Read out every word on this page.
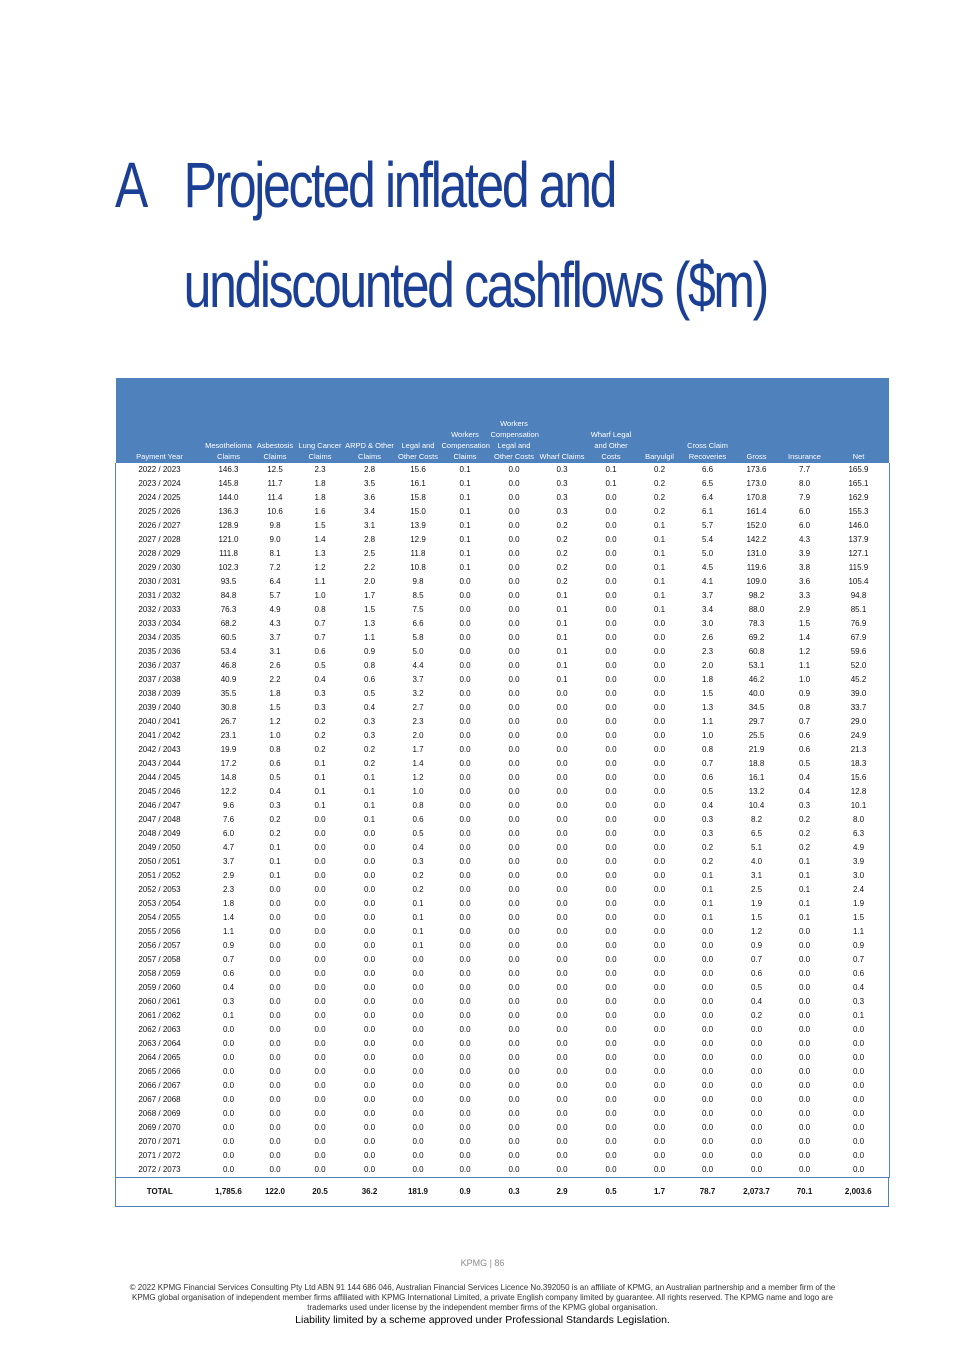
A Projected inflated and
undiscounted cashflows ($m)
Payment Year	Mesothelioma Claims	Asbestosis Claims	Lung Cancer Claims	ARPD & Other Claims	Legal and Other Costs	Workers Compensation Claims	Workers Compensation Legal and Other Costs	Wharf Claims	Wharf Legal and Other Costs	Baryulgil	Cross Claim Recoveries	Gross	Insurance	Net
2022 / 2023	146.3	12.5	2.3	2.8	15.6	0.1	0.0	0.3	0.1	0.2	6.6	173.6	7.7	165.9
2023 / 2024	145.8	11.7	1.8	3.5	16.1	0.1	0.0	0.3	0.1	0.2	6.5	173.0	8.0	165.1
2024 / 2025	144.0	11.4	1.8	3.6	15.8	0.1	0.0	0.3	0.0	0.2	6.4	170.8	7.9	162.9
2025 / 2026	136.3	10.6	1.6	3.4	15.0	0.1	0.0	0.3	0.0	0.2	6.1	161.4	6.0	155.3
2026 / 2027	128.9	9.8	1.5	3.1	13.9	0.1	0.0	0.2	0.0	0.1	5.7	152.0	6.0	146.0
2027 / 2028	121.0	9.0	1.4	2.8	12.9	0.1	0.0	0.2	0.0	0.1	5.4	142.2	4.3	137.9
2028 / 2029	111.8	8.1	1.3	2.5	11.8	0.1	0.0	0.2	0.0	0.1	5.0	131.0	3.9	127.1
2029 / 2030	102.3	7.2	1.2	2.2	10.8	0.1	0.0	0.2	0.0	0.1	4.5	119.6	3.8	115.9
2030 / 2031	93.5	6.4	1.1	2.0	9.8	0.0	0.0	0.2	0.0	0.1	4.1	109.0	3.6	105.4
2031 / 2032	84.8	5.7	1.0	1.7	8.5	0.0	0.0	0.1	0.0	0.1	3.7	98.2	3.3	94.8
2032 / 2033	76.3	4.9	0.8	1.5	7.5	0.0	0.0	0.1	0.0	0.1	3.4	88.0	2.9	85.1
2033 / 2034	68.2	4.3	0.7	1.3	6.6	0.0	0.0	0.1	0.0	0.0	3.0	78.3	1.5	76.9
2034 / 2035	60.5	3.7	0.7	1.1	5.8	0.0	0.0	0.1	0.0	0.0	2.6	69.2	1.4	67.9
2035 / 2036	53.4	3.1	0.6	0.9	5.0	0.0	0.0	0.1	0.0	0.0	2.3	60.8	1.2	59.6
2036 / 2037	46.8	2.6	0.5	0.8	4.4	0.0	0.0	0.1	0.0	0.0	2.0	53.1	1.1	52.0
2037 / 2038	40.9	2.2	0.4	0.6	3.7	0.0	0.0	0.1	0.0	0.0	1.8	46.2	1.0	45.2
2038 / 2039	35.5	1.8	0.3	0.5	3.2	0.0	0.0	0.0	0.0	0.0	1.5	40.0	0.9	39.0
2039 / 2040	30.8	1.5	0.3	0.4	2.7	0.0	0.0	0.0	0.0	0.0	1.3	34.5	0.8	33.7
2040 / 2041	26.7	1.2	0.2	0.3	2.3	0.0	0.0	0.0	0.0	0.0	1.1	29.7	0.7	29.0
2041 / 2042	23.1	1.0	0.2	0.3	2.0	0.0	0.0	0.0	0.0	0.0	1.0	25.5	0.6	24.9
2042 / 2043	19.9	0.8	0.2	0.2	1.7	0.0	0.0	0.0	0.0	0.0	0.8	21.9	0.6	21.3
2043 / 2044	17.2	0.6	0.1	0.2	1.4	0.0	0.0	0.0	0.0	0.0	0.7	18.8	0.5	18.3
2044 / 2045	14.8	0.5	0.1	0.1	1.2	0.0	0.0	0.0	0.0	0.0	0.6	16.1	0.4	15.6
2045 / 2046	12.2	0.4	0.1	0.1	1.0	0.0	0.0	0.0	0.0	0.0	0.5	13.2	0.4	12.8
2046 / 2047	9.6	0.3	0.1	0.1	0.8	0.0	0.0	0.0	0.0	0.0	0.4	10.4	0.3	10.1
2047 / 2048	7.6	0.2	0.0	0.1	0.6	0.0	0.0	0.0	0.0	0.0	0.3	8.2	0.2	8.0
2048 / 2049	6.0	0.2	0.0	0.0	0.5	0.0	0.0	0.0	0.0	0.0	0.3	6.5	0.2	6.3
2049 / 2050	4.7	0.1	0.0	0.0	0.4	0.0	0.0	0.0	0.0	0.0	0.2	5.1	0.2	4.9
2050 / 2051	3.7	0.1	0.0	0.0	0.3	0.0	0.0	0.0	0.0	0.0	0.2	4.0	0.1	3.9
2051 / 2052	2.9	0.1	0.0	0.0	0.2	0.0	0.0	0.0	0.0	0.0	0.1	3.1	0.1	3.0
2052 / 2053	2.3	0.0	0.0	0.0	0.2	0.0	0.0	0.0	0.0	0.0	0.1	2.5	0.1	2.4
2053 / 2054	1.8	0.0	0.0	0.0	0.1	0.0	0.0	0.0	0.0	0.0	0.1	1.9	0.1	1.9
2054 / 2055	1.4	0.0	0.0	0.0	0.1	0.0	0.0	0.0	0.0	0.0	0.1	1.5	0.1	1.5
2055 / 2056	1.1	0.0	0.0	0.0	0.1	0.0	0.0	0.0	0.0	0.0	0.0	1.2	0.0	1.1
2056 / 2057	0.9	0.0	0.0	0.0	0.1	0.0	0.0	0.0	0.0	0.0	0.0	0.9	0.0	0.9
2057 / 2058	0.7	0.0	0.0	0.0	0.0	0.0	0.0	0.0	0.0	0.0	0.0	0.7	0.0	0.7
2058 / 2059	0.6	0.0	0.0	0.0	0.0	0.0	0.0	0.0	0.0	0.0	0.0	0.6	0.0	0.6
2059 / 2060	0.4	0.0	0.0	0.0	0.0	0.0	0.0	0.0	0.0	0.0	0.0	0.5	0.0	0.4
2060 / 2061	0.3	0.0	0.0	0.0	0.0	0.0	0.0	0.0	0.0	0.0	0.0	0.4	0.0	0.3
2061 / 2062	0.1	0.0	0.0	0.0	0.0	0.0	0.0	0.0	0.0	0.0	0.0	0.2	0.0	0.1
2062 / 2063	0.0	0.0	0.0	0.0	0.0	0.0	0.0	0.0	0.0	0.0	0.0	0.0	0.0	0.0
2063 / 2064	0.0	0.0	0.0	0.0	0.0	0.0	0.0	0.0	0.0	0.0	0.0	0.0	0.0	0.0
2064 / 2065	0.0	0.0	0.0	0.0	0.0	0.0	0.0	0.0	0.0	0.0	0.0	0.0	0.0	0.0
2065 / 2066	0.0	0.0	0.0	0.0	0.0	0.0	0.0	0.0	0.0	0.0	0.0	0.0	0.0	0.0
2066 / 2067	0.0	0.0	0.0	0.0	0.0	0.0	0.0	0.0	0.0	0.0	0.0	0.0	0.0	0.0
2067 / 2068	0.0	0.0	0.0	0.0	0.0	0.0	0.0	0.0	0.0	0.0	0.0	0.0	0.0	0.0
2068 / 2069	0.0	0.0	0.0	0.0	0.0	0.0	0.0	0.0	0.0	0.0	0.0	0.0	0.0	0.0
2069 / 2070	0.0	0.0	0.0	0.0	0.0	0.0	0.0	0.0	0.0	0.0	0.0	0.0	0.0	0.0
2070 / 2071	0.0	0.0	0.0	0.0	0.0	0.0	0.0	0.0	0.0	0.0	0.0	0.0	0.0	0.0
2071 / 2072	0.0	0.0	0.0	0.0	0.0	0.0	0.0	0.0	0.0	0.0	0.0	0.0	0.0	0.0
2072 / 2073	0.0	0.0	0.0	0.0	0.0	0.0	0.0	0.0	0.0	0.0	0.0	0.0	0.0	0.0
TOTAL	1,785.6	122.0	20.5	36.2	181.9	0.9	0.3	2.9	0.5	1.7	78.7	2,073.7	70.1	2,003.6
KPMG | 86
© 2022 KPMG Financial Services Consulting Pty Ltd ABN 91 144 686 046, Australian Financial Services Licence No.392050 is an affiliate of KPMG, an Australian partnership and a member firm of the KPMG global organisation of independent member firms affiliated with KPMG International Limited, a private English company limited by guarantee. All rights reserved. The KPMG name and logo are trademarks used under license by the independent member firms of the KPMG global organisation.
Liability limited by a scheme approved under Professional Standards Legislation.
